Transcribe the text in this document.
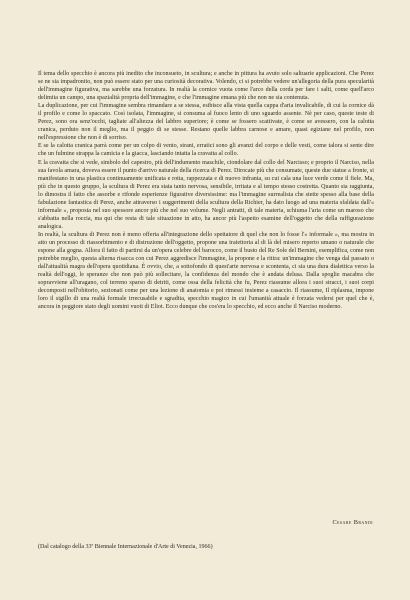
Il tema dello specchio è ancora più inedito che inconsueto, in scultura; e anche in pittura ha avuto solo saltuarie applicazioni. Che Perez se ne sia impadronito, non può essere stato per una curiosità decorativa. Volendo, ci si potrebbe vedere un'allegoria della pura specularità dell'immagine figurativa, ma sarebbe una forzatura. In realtà la cornice vuota come l'arco della corda per fare i salti, come quell'arco delimita un campo, una spazialità propria dell'immagine, e che l'immagine emana più che non ne sia contenuta.

La duplicazione, per cui l'immagine sembra rimandare a se stessa, esibisce alla vista quella cappa d'aria invalicabile, di cui la cornice dà il profilo e come lo spaccato. Così isolata, l'immagine, si consuma al fuoco lento di uno sguardo assente. Nè per caso, queste teste di Perez, sono ora senz'occhi, tagliate all'altezza del labbro superiore; è come se fossero scattivate, è come se avessero, con la calotta cranica, perduto non il meglio, ma il peggio di se stesse. Restano quelle labbra carnose e amare, quasi egiziane nel profilo, non nell'espressione che non è di sorriso.

E se la calotta cranica parrà come per un colpo di vento, strani, erratici sono gli avanzi del corpo e delle vesti, come talora si sente dire che un fulmine strappa la camicia e la giacca, lasciando intatta la cravatta al collo.

E la cravatta che si vede, simbolo del capestro, più dell'indumento maschile, ciondolare dal collo del Narcisso; e proprio il Narciso, nella sua favola amara, doveva essere il punto d'arrivo naturale della ricerca di Perez. Dirocate più che consumate, queste due statue a fronte, si manifestano in una plastica continuamente unificata e rotta, rappezzata e di nuovo infranta, su cui cala una luce verde come il fiele. Ma, più che in questo gruppo, la scultura di Perez era stata tanto nervosa, sensibile, irritata e al tempo stesso costretta. Quanto sia raggiunta, lo dimostra il fatto che assorbe e rifonde esperienze figurative diversissime: ma l'immagine surrealista che stette spesso alla base della fabulazione fantastica di Perez, anche attraverso i suggerimenti della scultura della Richier, ha dato luogo ad una materia sfaldata dall'« informale », proposta nel suo spessore ancor più che nel suo volume. Negli antratti, di tale materia, schiuma l'aria come un maroso che s'abbatta nella roccia, ma qui che resta di tale situazione in atto, ha ancor più l'aspetto esamine dell'oggetto che della raffigurazione analogica.

In realtà, la scultura di Perez non è meno offerta all'integrazione dello spettatore di quel che non lo fosse l'« informale », ma mostra in atto un processo di riassorbimento e di distruzione dell'oggetto, propone una traiettoria al di là del misero reperto umano o naturale che espone alla gogna. Allora il fatto di partirsi da un'opera celebre del barocco, come il busto del Re Sole del Bernini, esemplifica, come non potrebbe meglio, questa alterna risacca con cui Perez aggredisce l'immagine, la propone e la ritira: un'immagine che venga dal passato o dall'attualità magra dell'opera quotidiana. È ovvio, che, a sottofondo di quest'arte nervosa e scontenta, ci sia una dura dialettica verso la realtà dell'oggi, le speranze che non può più sollecitare, la confidenza del mondo che è andata delusa. Dalla spoglie macabra che sopravviene all'uragano, col terreno sparso di detriti, come ossa della felicità che fu, Perez riassume allora i suoi stracci, i suoi corpi decomposti nell'obitorio, sezionati come per una lezione di anatomia e poi rimessi insieme a casaccio. Il riassume, Il riplasma, impone loro il sigillo di una realtà formale irrecusabile e sgradita, specchio magico in cui l'umanità attuale è forzata vedersi per quel che è, ancora in peggiore stato degli uomini vuoti di Eliot. Ecco dunque che cos'era lo specchio, ed ecco anche il Narciso moderno.

Cesare Brandi
(Dal catalogo della 33ª Biennale Internazionale d'Arte di Venezia, 1966)
